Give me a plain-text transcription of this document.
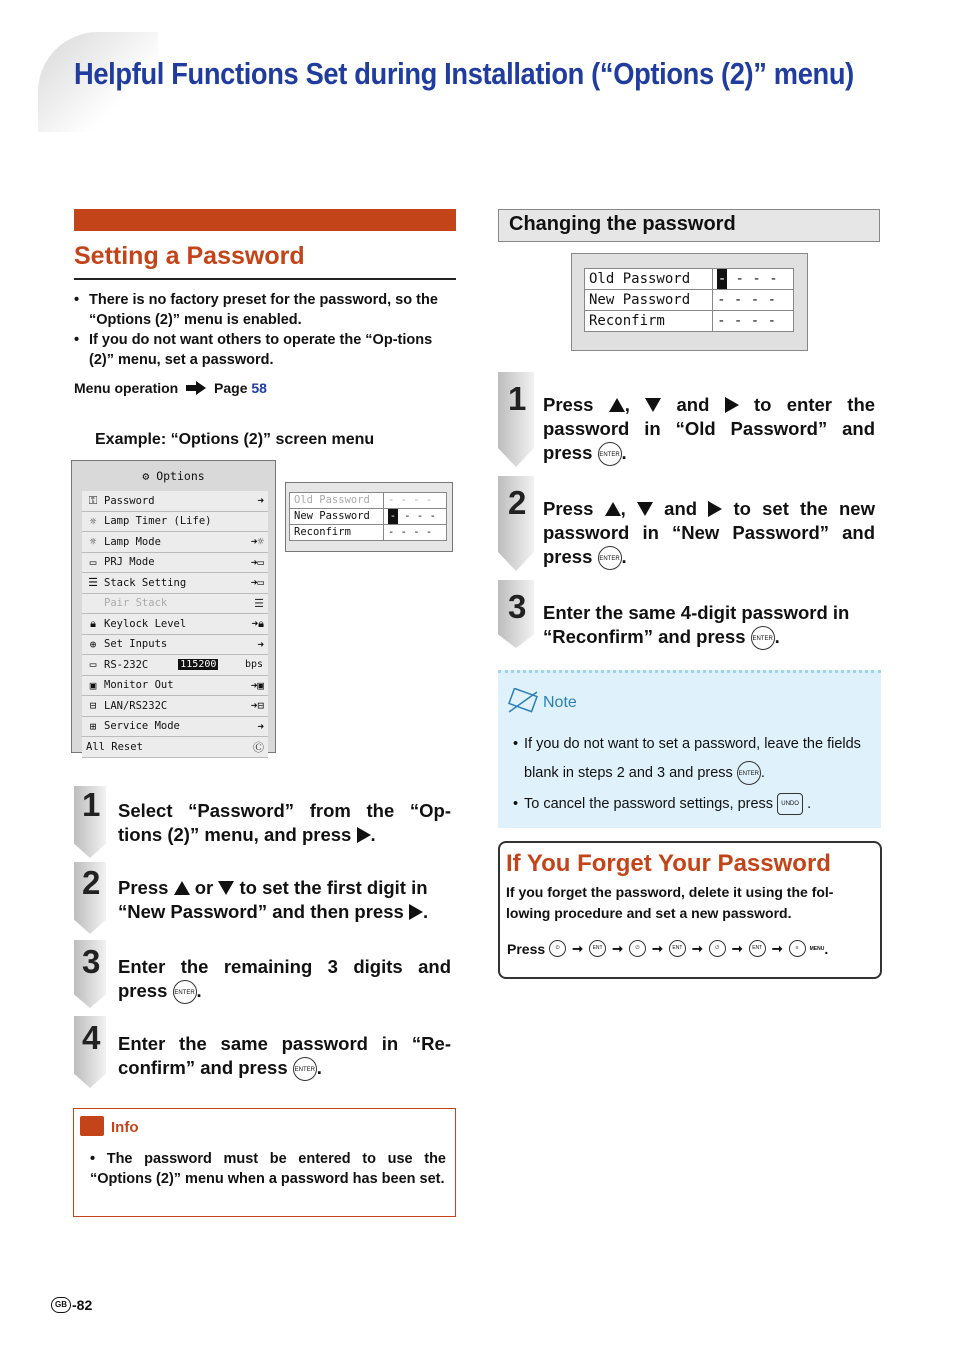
Helpful Functions Set during Installation (“Options (2)” menu)
Setting a Password
• There is no factory preset for the password, so the “Options (2)” menu is enabled.
• If you do not want others to operate the “Op-tions (2)” menu, set a password.
Menu operation	Page 58
Example: “Options (2)” screen menu
⚙ Options
⚿ Password	➜
☼ Lamp Timer (Life)
☼ Lamp Mode	➜☼
▭ PRJ Mode	➜▭
☰ Stack Setting	➜▭
Pair Stack	☰
🔒︎ Keylock Level	➜🔒︎
⊕ Set Inputs	➜
▭ RS-232C	115200	bps
▣ Monitor Out	➜▣
⊟ LAN/RS232C	➜⊟
⊞ Service Mode	➜
All Reset	Ⓒ
Old Password	- - - -
New Password	- - - -
Reconfirm	- - - -
1 Select “Password” from the “Op-tions (2)” menu, and press .
2 Press or to set the first digit in “New Password” and then press .
3 Enter the remaining 3 digits and press ENTER.
4 Enter the same password in “Re-confirm” and press ENTER.
Info
• The password must be entered to use the “Options (2)” menu when a password has been set.
Changing the password
Old Password	- - - -
New Password	- - - -
Reconfirm	- - - -
1 Press ,	and to enter the password in “Old Password” and press ENTER.
2 Press , and to set the new password in “New Password” and press ENTER.
3 Enter the same 4-digit password in “Reconfirm” and press ENTER.
Note
• If you do not want to set a password, leave the fields blank in steps 2 and 3 and press ENTER .
• To cancel the password settings, press UNDO .
If You Forget Your Password
If you forget the password, delete it using the fol-lowing procedure and set a new password.
Press	⏻ ➞	ENT ➞	⏻ ➞	ENT ➞	⏻ ➞	ENT ➞	≡	MENU .
GB -82
